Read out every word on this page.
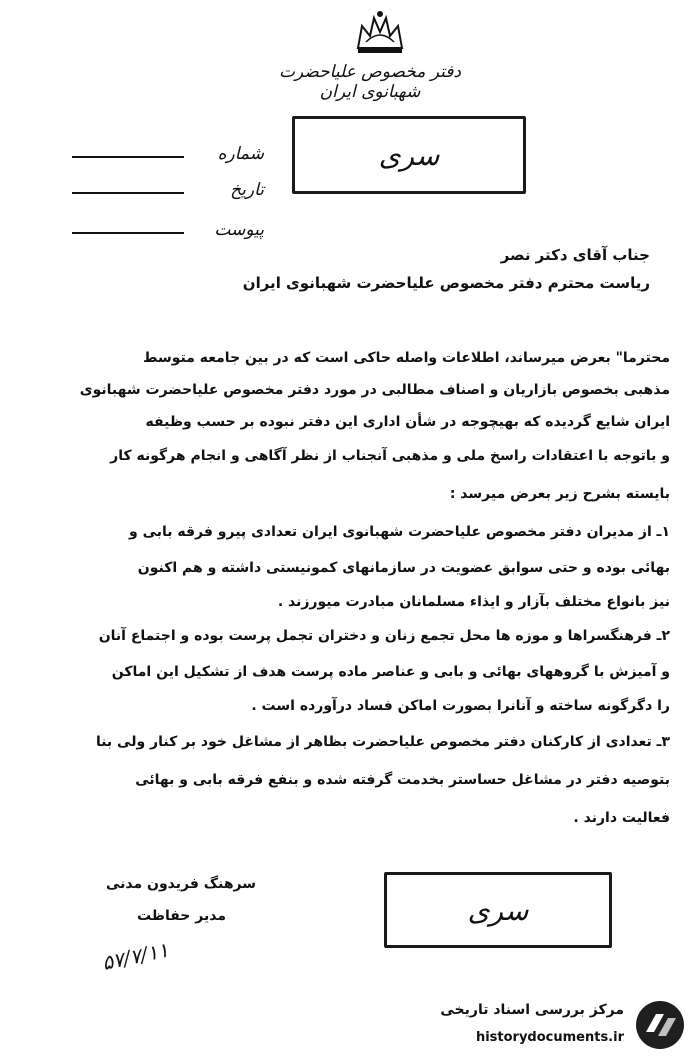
دفتر مخصوص علیاحضرت شهبانوی ایران
سری
شماره
تاریخ
پیوست
جناب آقای دکتر نصر
ریاست محترم دفتر مخصوص علیاحضرت شهبانوی ایران
محترما" بعرض میرساند، اطلاعات واصله حاکی است که در بین جامعه متوسط
مذهبی بخصوص بازاریان و اصناف مطالبی در مورد دفتر مخصوص علیاحضرت شهبانوی
ایران شایع گردیده که بهیچوجه در شأن اداری این دفتر نبوده بر حسب وظیفه
و باتوجه با اعتقادات راسخ ملی و مذهبی آنجناب از نظر آگاهی و انجام هرگونه کار
بایسته بشرح زیر بعرض میرسد :
۱ـ از مدیران دفتر مخصوص علیاحضرت شهبانوی ایران تعدادی پیرو فرقه بابی و
بهائی بوده و حتی سوابق عضویت در سازمانهای کمونیستی داشته و هم اکنون
نیز بانواع مختلف بآزار و ایذاء مسلمانان مبادرت میورزند .
۲ـ فرهنگسراها و موزه ها محل تجمع زنان و دختران تجمل پرست بوده و اجتماع آنان
و آمیزش با گروههای بهائی و بابی و عناصر ماده پرست هدف از تشکیل این اماکن
را دگرگونه ساخته و آنانرا بصورت اماکن فساد درآورده است .
۳ـ تعدادی از کارکنان دفتر مخصوص علیاحضرت بظاهر از مشاغل خود بر کنار ولی بنا
بتوصیه دفتر در مشاغل حساستر بخدمت گرفته شده و بنفع فرقه بابی و بهائی
فعالیت دارند .
سرهنگ فریدون مدنی
مدیر حفاظت
۵۷/۷/۱۱
سری
مرکز بررسی اسناد تاریخی
historydocuments.ir
